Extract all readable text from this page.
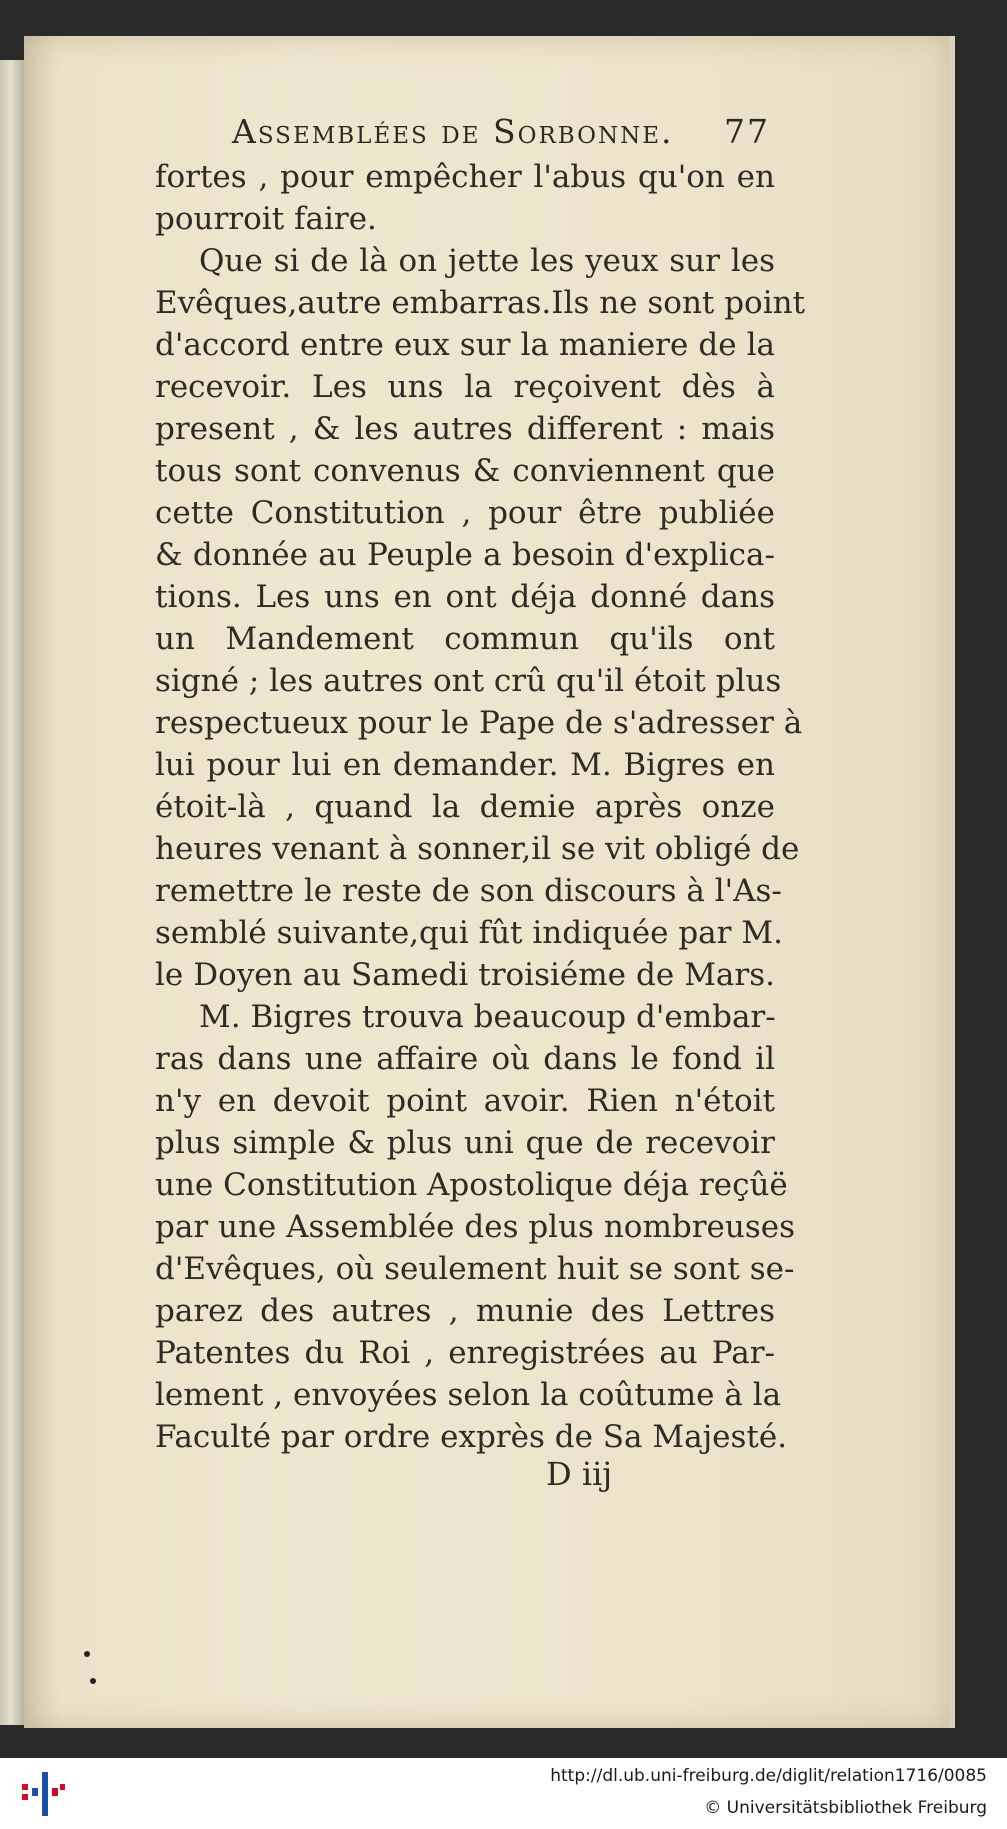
Assemblées de Sorbonne. 77
fortes , pour empêcher l'abus qu'on en
pourroit faire.
Que si de là on jette les yeux sur les
Evêques,autre embarras.Ils ne sont point
d'accord entre eux sur la maniere de la
recevoir. Les uns la reçoivent dès à
present , & les autres different : mais
tous sont convenus & conviennent que
cette Constitution , pour être publiée
& donnée au Peuple a besoin d'explica-
tions. Les uns en ont déja donné dans
un Mandement commun qu'ils ont
signé ; les autres ont crû qu'il étoit plus
respectueux pour le Pape de s'adresser à
lui pour lui en demander. M. Bigres en
étoit-là , quand la demie après onze
heures venant à sonner,il se vit obligé de
remettre le reste de son discours à l'As-
semblé suivante,qui fût indiquée par M.
le Doyen au Samedi troisiéme de Mars.
M. Bigres trouva beaucoup d'embar-
ras dans une affaire où dans le fond il
n'y en devoit point avoir. Rien n'étoit
plus simple & plus uni que de recevoir
une Constitution Apostolique déja reçûë
par une Assemblée des plus nombreuses
d'Evêques, où seulement huit se sont se-
parez des autres , munie des Lettres
Patentes du Roi , enregistrées au Par-
lement , envoyées selon la coûtume à la
Faculté par ordre exprès de Sa Majesté.
D iij
http://dl.ub.uni-freiburg.de/diglit/relation1716/0085
© Universitätsbibliothek Freiburg
